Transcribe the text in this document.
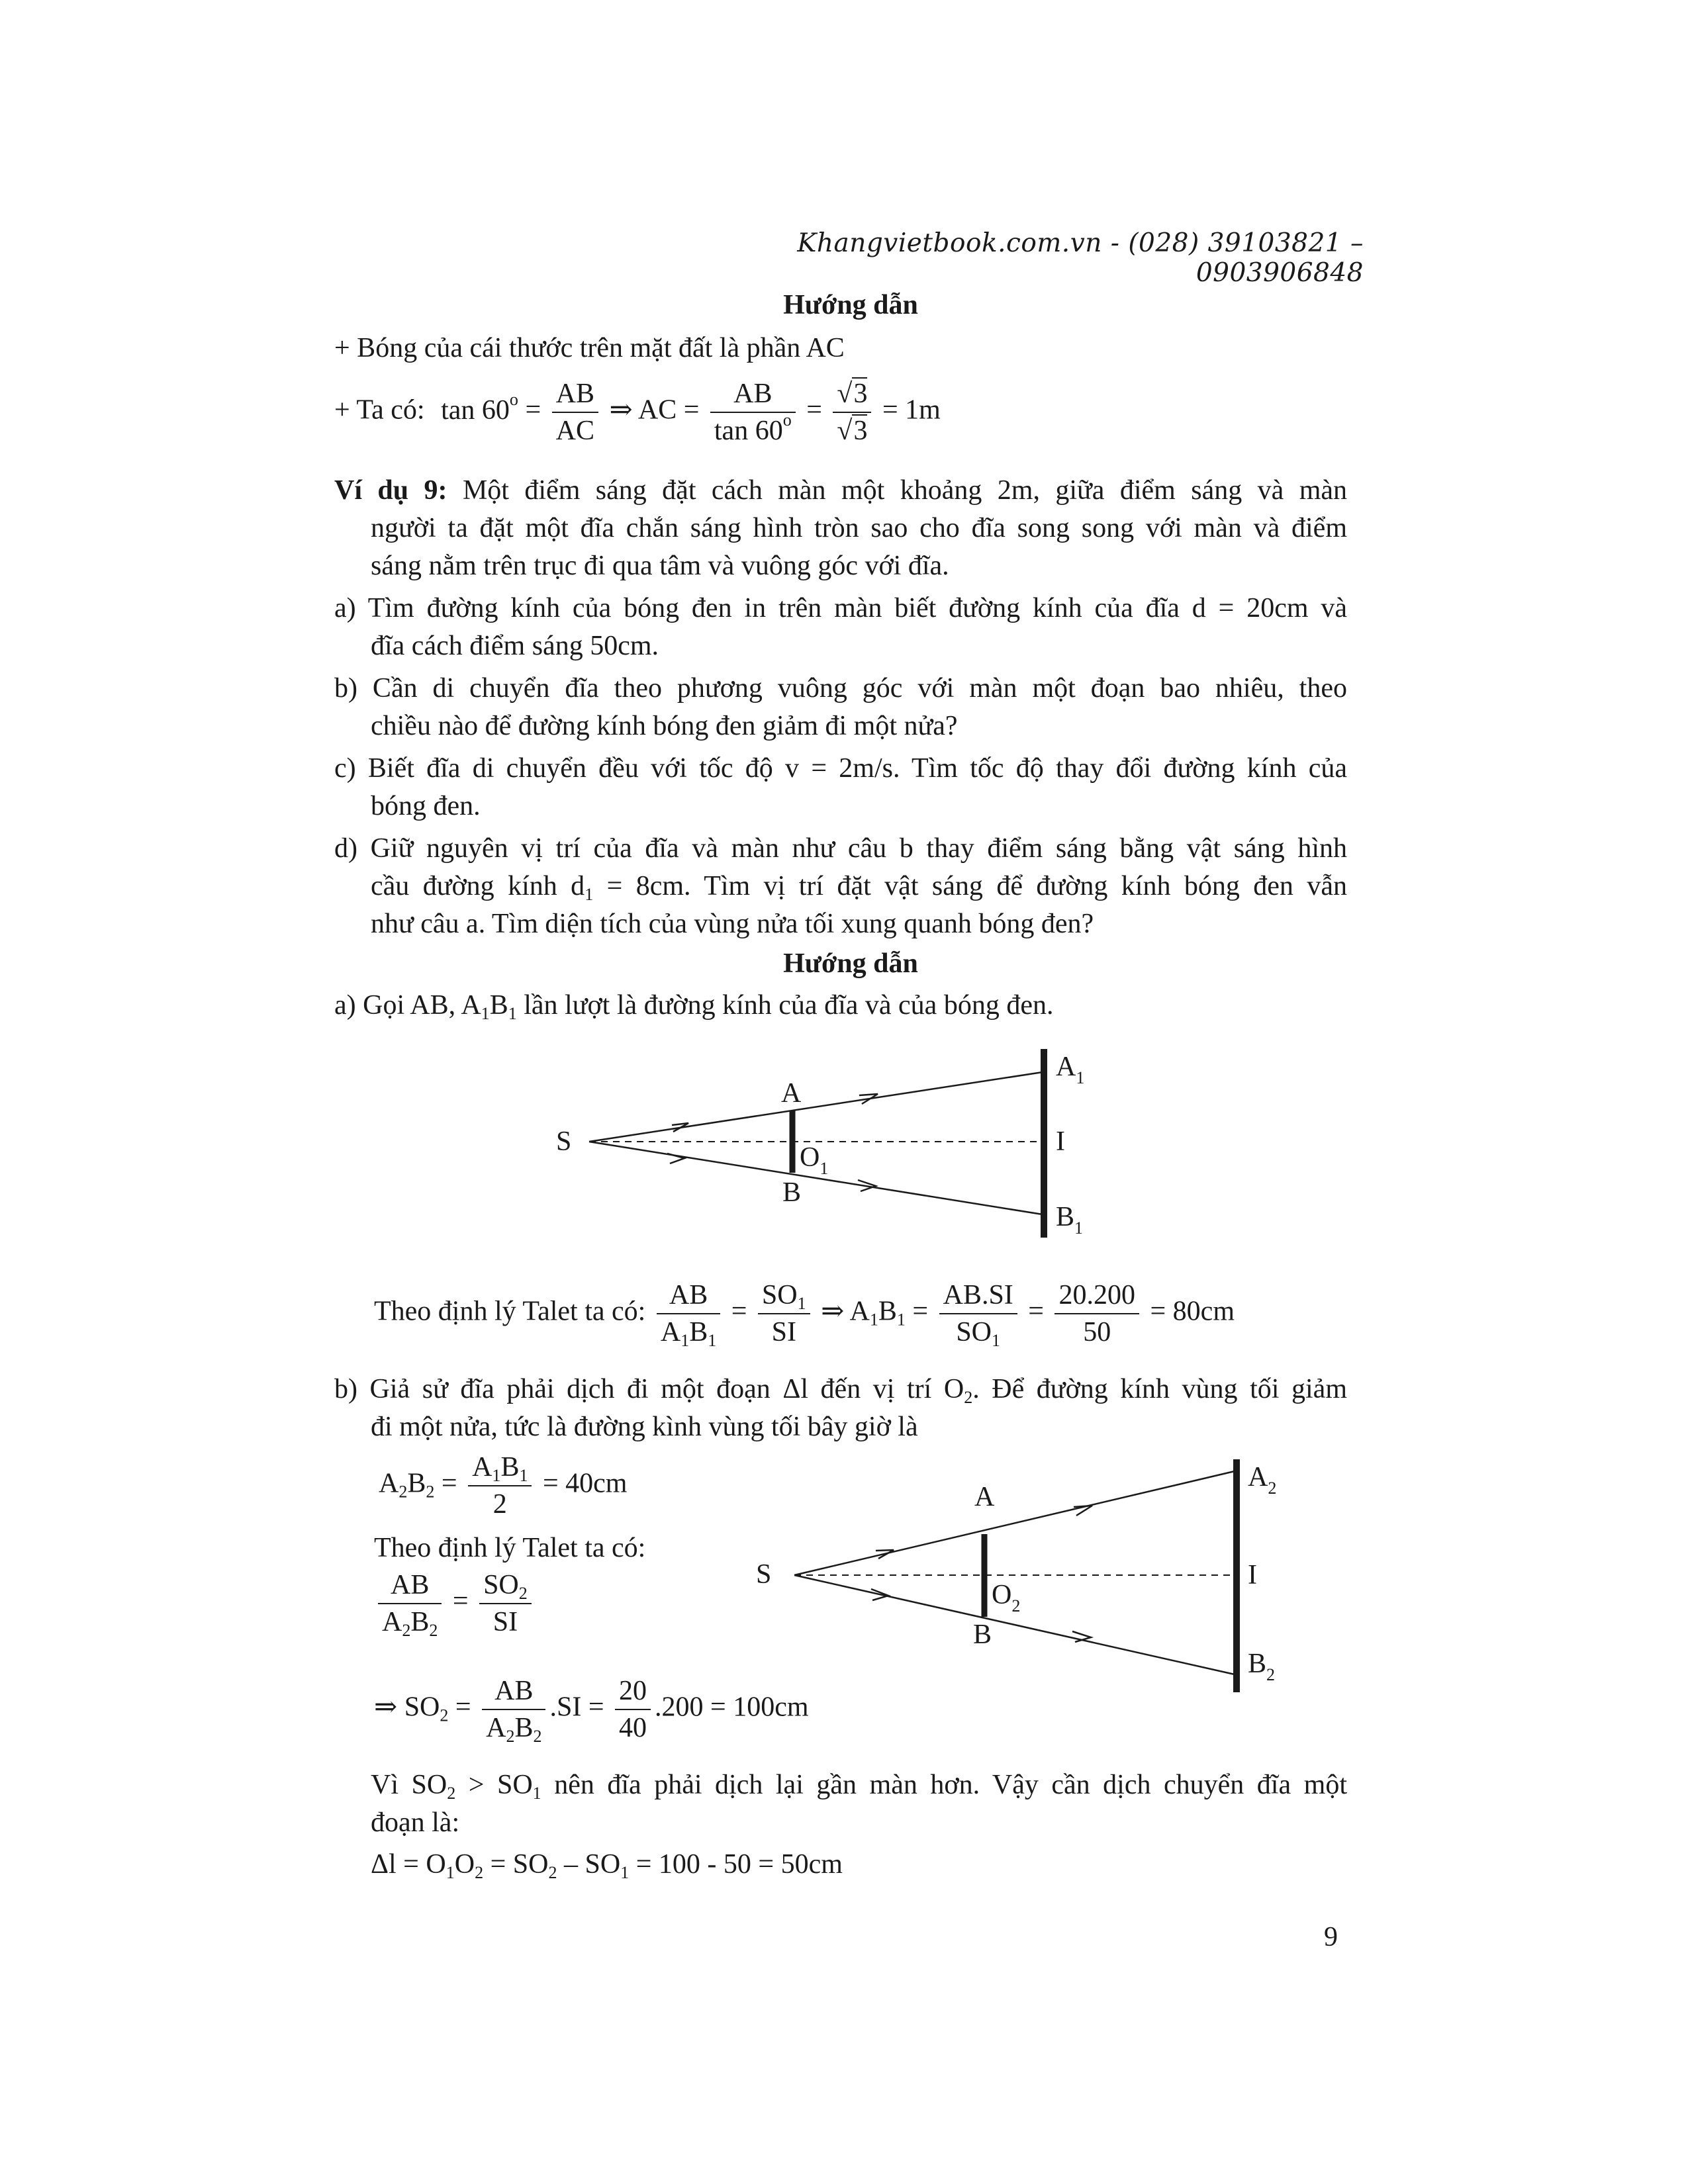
Khangvietbook.com.vn - (028) 39103821 – 0903906848
Hướng dẫn
+ Bóng của cái thước trên mặt đất là phần AC
+ Ta có: $\tan 60^o = \frac{AB}{AC}$ ⇒ AC = $\frac{AB}{\tan 60^o} = \frac{√3}{√3} = 1m$
Ví dụ 9: Một điểm sáng đặt cách màn một khoảng 2m, giữa điểm sáng và màn
người ta đặt một đĩa chắn sáng hình tròn sao cho đĩa song song với màn và điểm
sáng nằm trên trục đi qua tâm và vuông góc với đĩa.
a) Tìm đường kính của bóng đen in trên màn biết đường kính của đĩa d = 20cm và
đĩa cách điểm sáng 50cm.
b) Cần di chuyển đĩa theo phương vuông góc với màn một đoạn bao nhiêu, theo
chiều nào để đường kính bóng đen giảm đi một nửa?
c) Biết đĩa di chuyển đều với tốc độ v = 2m/s. Tìm tốc độ thay đổi đường kính của
bóng đen.
d) Giữ nguyên vị trí của đĩa và màn như câu b thay điểm sáng bằng vật sáng hình
cầu đường kính $d_1 = 8cm$. Tìm vị trí đặt vật sáng để đường kính bóng đen vẫn
như câu a. Tìm diện tích của vùng nửa tối xung quanh bóng đen?
Hướng dẫn
a) Gọi AB, $A_1B_1$ lần lượt là đường kính của đĩa và của bóng đen.
S
A
B
$O_1$
I
$A_1$
$B_1$
Theo định lý Talet ta có: $\frac{AB}{A_1B_1} = \frac{SO_1}{SI}$ ⇒ $A_1B_1 = \frac{AB.SI}{SO_1} = \frac{20.200}{50} = 80cm$
b) Giả sử đĩa phải dịch đi một đoạn Δl đến vị trí $O_2$. Để đường kính vùng tối giảm
đi một nửa, tức là đường kình vùng tối bây giờ là
$A_2B_2 = \frac{A_1B_1}{2} = 40cm$
Theo định lý Talet ta có:
$\frac{AB}{A_2B_2} = \frac{SO_2}{SI}$
⇒ $SO_2 = \frac{AB}{A_2B_2} .SI = \frac{20}{40} .200 = 100cm$
S
A
B
$O_2$
I
$A_2$
$B_2$
Vì $SO_2 > SO_1$ nên đĩa phải dịch lại gần màn hơn. Vậy cần dịch chuyển đĩa một
đoạn là:
$\Delta l = O_1O_2 = SO_2 - SO_1 = 100 - 50 = 50cm$
9
